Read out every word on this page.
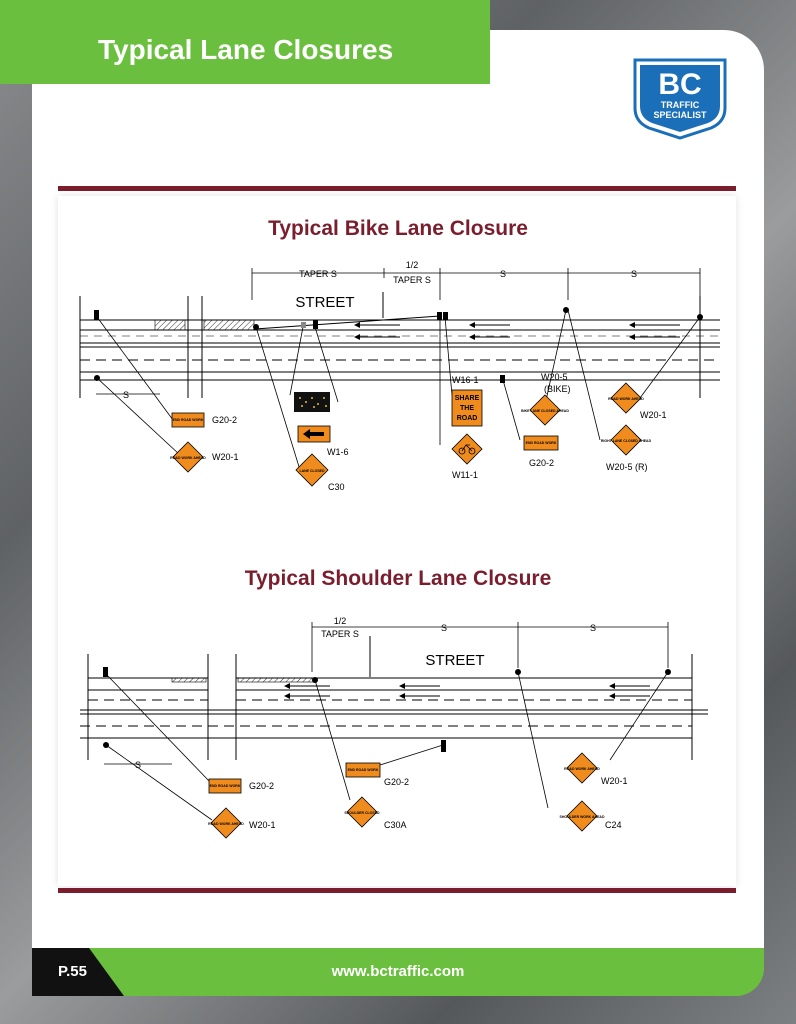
Typical Lane Closures
BC
TRAFFIC
SPECIALIST
Typical Bike Lane Closure
Typical Shoulder Lane Closure
TAPER S
1/2
TAPER S
S	S
S
STREET
END ROAD WORK G20-2
ROAD WORK AHEAD W20-1	W1-6
LANE CLOSED
C30
W16-1
SHARE
THE
ROAD
W11-1
W20-5
(BIKE)
BIKE LANE CLOSED AHEAD
END ROAD WORK
G20-2
RIGHT LANE CLOSED AHEAD
W20-5 (R)
ROAD WORK AHEAD
W20-1
1/2
TAPER S
S	S
S
STREET
END ROAD WORK G20-2
ROAD WORK AHEAD W20-1
END ROAD WORK
G20-2
SHOULDER CLOSED
C30A
SHOULDER WORK AHEAD
C24
ROAD WORK AHEAD
W20-1
P.55	www.bctraffic.com
